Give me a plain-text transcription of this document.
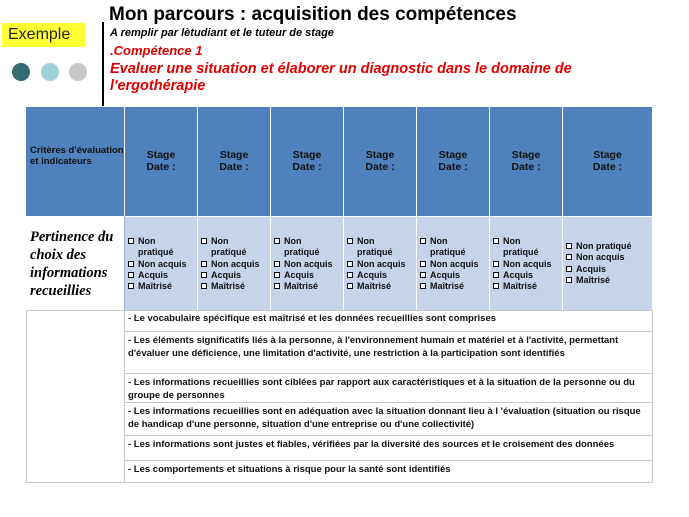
Exemple
Mon parcours : acquisition des compétences
A remplir par lètudiant et le tuteur de stage
.Compétence 1
Evaluer une situation et élaborer un diagnostic dans le domaine de l'ergothérapie
Critères d'évaluation et indicateurs
Stage
Date :
Stage
Date :
Stage
Date :
Stage
Date :
Stage
Date :
Stage
Date :
Stage
Date :
Pertinence du choix des informations recueillies
Non
pratiqué
Non acquis
Acquis
Maîtrisé
Non
pratiqué
Non acquis
Acquis
Maîtrisé
Non
pratiqué
Non acquis
Acquis
Maîtrisé
Non
pratiqué
Non acquis
Acquis
Maîtrisé
Non
pratiqué
Non acquis
Acquis
Maîtrisé
Non
pratiqué
Non acquis
Acquis
Maîtrisé
Non pratiqué
Non acquis
Acquis
Maîtrisé
- Le vocabulaire spécifique est maîtrisé et les données recueillies sont comprises
- Les éléments significatifs liés à la personne, à l'environnement humain et matériel et à l'activité, permettant d'évaluer une déficience, une limitation d'activité, une restriction à la participation sont identifiés
- Les informations recueillies sont ciblées par rapport aux caractéristiques et à la situation de la personne ou du groupe de personnes
- Les informations recueillies sont en adéquation avec la situation donnant lieu à l 'évaluation (situation ou risque de handicap d'une personne, situation d'une entreprise ou d'une collectivité)
- Les informations sont justes et fiables, vérifiées par la diversité des sources et le croisement des données
- Les comportements et situations à risque pour la santé sont identifiés
